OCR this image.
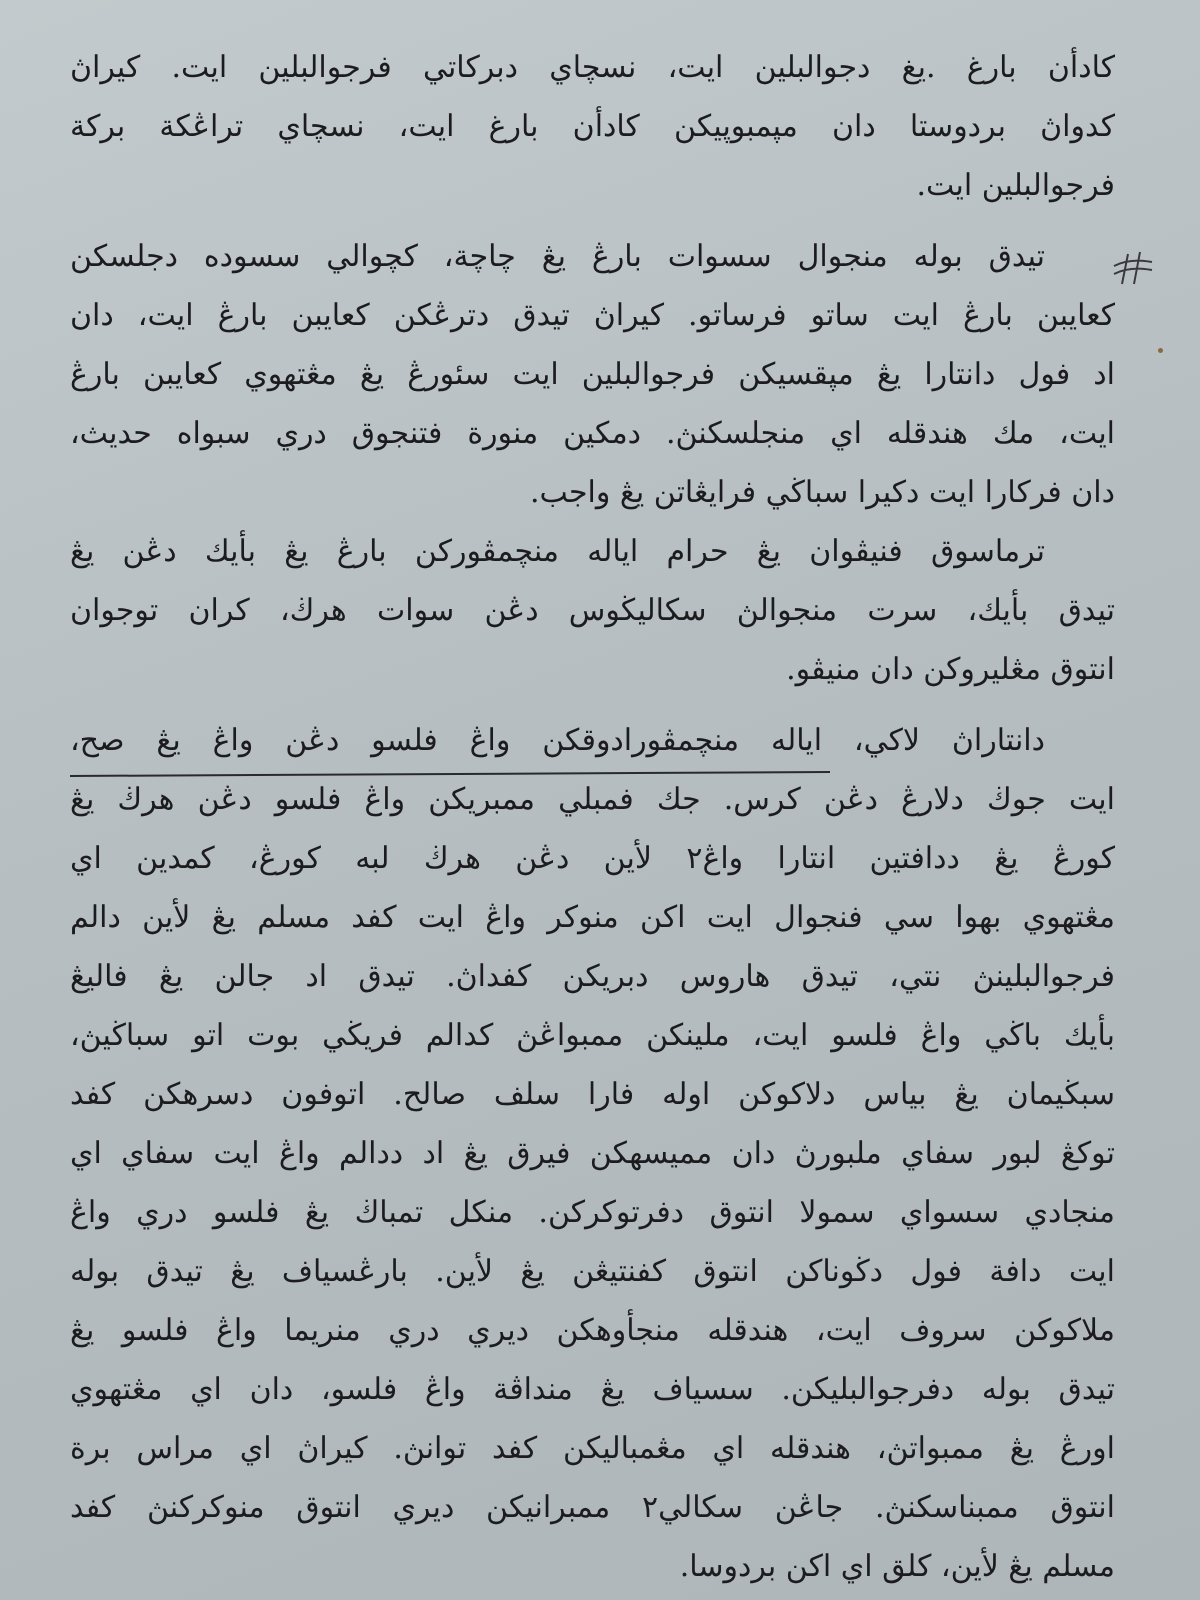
كادأن بارغ .يغ دجوالبلين ايت، نسچاي دبركاتي فرجوالبلين ايت. كيراڽ
كدواڽ بردوستا دان مپمبوپيكن كادأن بارغ ايت، نسچاي تراڠكة بركة
فرجوالبلين ايت.
تيدق بوله منجوال سسوات بارڠ يڠ چاچة، كچوالي سسوده دجلسكن
كعايبن بارڠ ايت ساتو فرساتو. كيراڽ تيدق دترڠكن كعايبن بارڠ ايت، دان
اد فول دانتارا يڠ مپقسيكن فرجوالبلين ايت سئورڠ يڠ مڠتهوي كعايبن بارڠ
ايت، مك هندقله اي منجلسكنڽ. دمكين منورة فتنجوق دري سبواه حديث،
دان فركارا ايت دكيرا سباڬي فرايڠاتن يڠ واجب.
ترماسوق فنيڤوان يڠ حرام اياله منچمڤوركن بارڠ يڠ بأيك دڠن يڠ
تيدق بأيك، سرت منجوالڽ سكاليڬوس دڠن سوات هرڬ، كران توجوان
انتوق مڠليروكن دان منيڤو.
دانتاراڽ لاكي، اياله منچمڤورادوقكن واڠ فلسو دڠن واڠ يڠ صح،
ايت جوڬ دلارڠ دڠن كرس. جك فمبلي ممبريكن واڠ فلسو دڠن هرڬ يڠ
كورڠ يڠ ددافتين انتارا واڠ٢ لأين دڠن هرڬ لبه كورڠ، كمدين اي
مڠتهوي بهوا سي فنجوال ايت اكن منوكر واڠ ايت كفد مسلم يڠ لأين دالم
فرجوالبلينڽ نتي، تيدق هاروس دبريكن كفداڽ. تيدق اد جالن يڠ فاليڠ
بأيك باڬي واڠ فلسو ايت، ملينكن ممبواڠڽ كدالم فريڬي بوت اتو سباڬيڽ،
سبڬيمان يڠ بياس دلاكوكن اوله فارا سلف صالح. اتوفون دسرهكن كفد
توكڠ لبور سفاي ملبورڽ دان ممیسهكن فيرق يڠ اد ددالم واڠ ايت سفاي اي
منجادي سسواي سمولا انتوق دفرتوكركن. منكل تمباڬ يڠ فلسو دري واڠ
ايت دافة فول دڬوناكن انتوق كفنتيڠن يڠ لأين. بارڠسياف يڠ تيدق بوله
ملاكوكن سروف ايت، هندقله منجأوهكن ديري دري منريما واڠ فلسو يڠ
تيدق بوله دفرجوالبليكن. سسياف يڠ منداڤة واڠ فلسو، دان اي مڠتهوي
اورڠ يڠ ممبواتڽ، هندقله اي مڠمباليكن كفد توانڽ. كيراڽ اي مراس برة
انتوق ممبناسكنڽ. جاڠن سكالي٢ ممبرانيكن ديري انتوق منوكركنڽ كفد
مسلم يڠ لأين، كلق اي اكن بردوسا.
